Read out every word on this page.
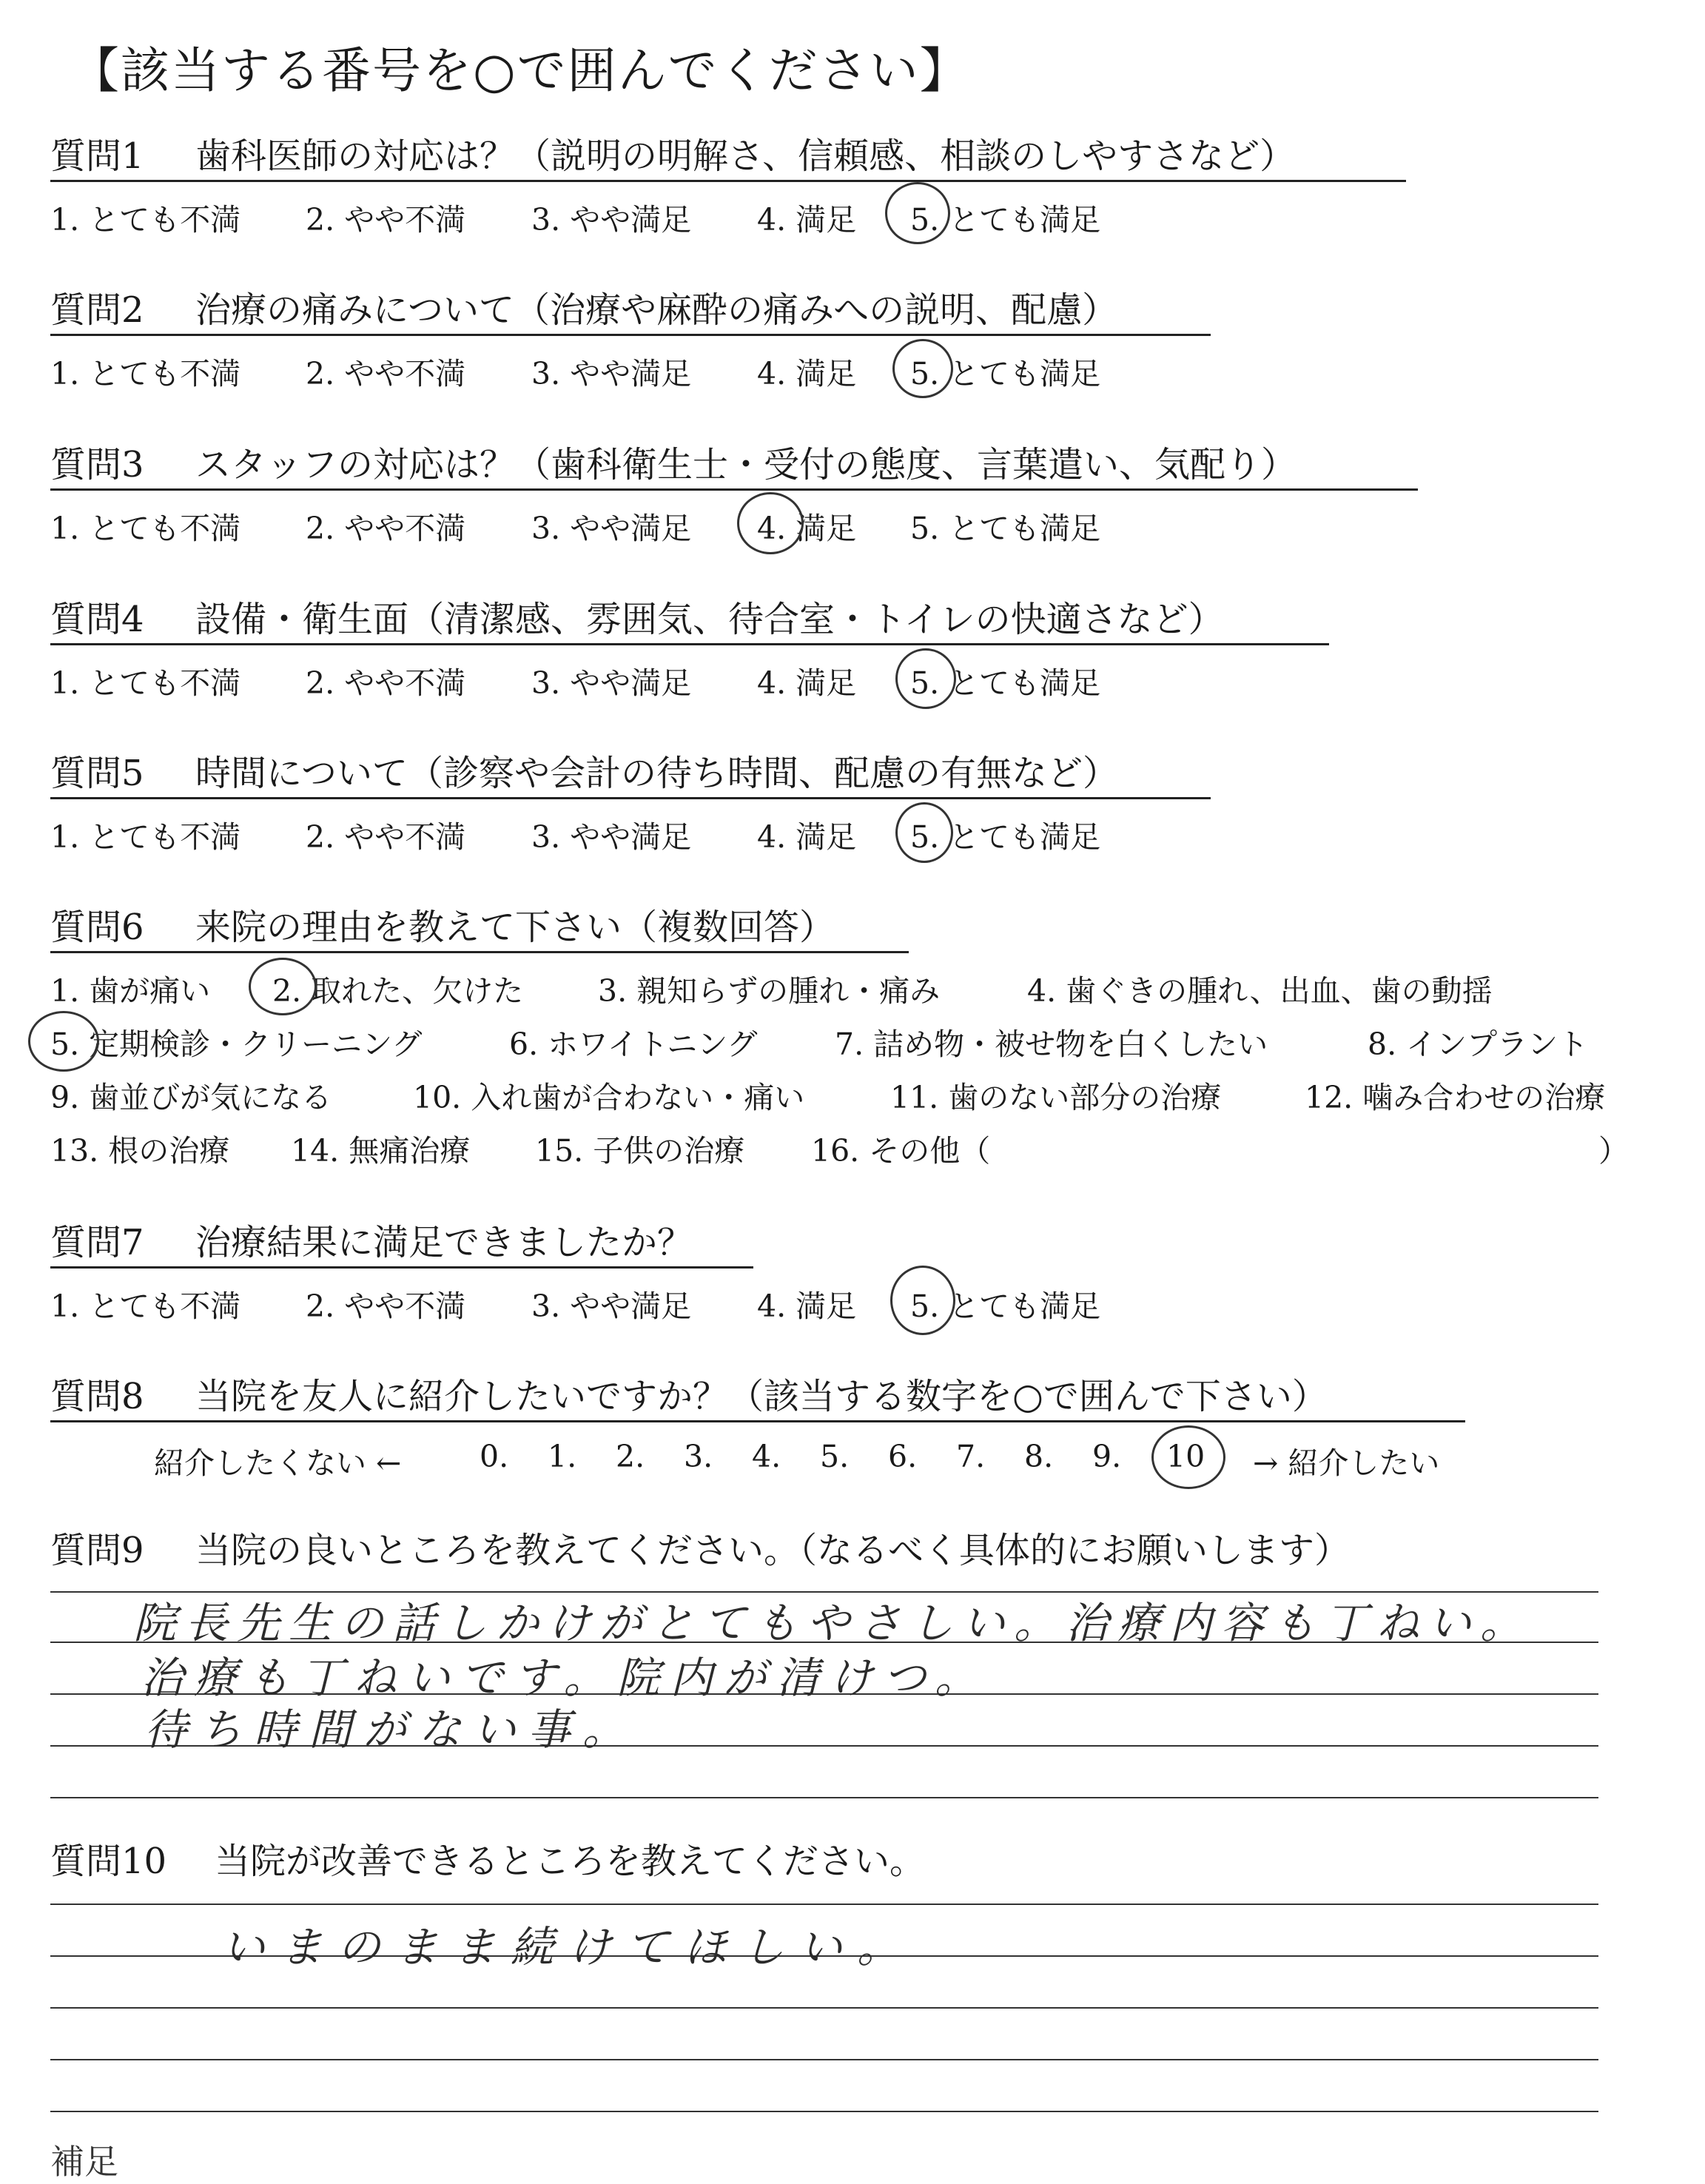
【該当する番号を○で囲んでください】
質問1 歯科医師の対応は？（説明の明解さ、信頼感、相談のしやすさなど）
1. とても不満 2. やや不満 3. やや満足 4. 満足 5. とても満足
質問2 治療の痛みについて（治療や麻酔の痛みへの説明、配慮）
1. とても不満 2. やや不満 3. やや満足 4. 満足 5. とても満足
質問3 スタッフの対応は？（歯科衛生士・受付の態度、言葉遣い、気配り）
1. とても不満 2. やや不満 3. やや満足 4. 満足 5. とても満足
質問4 設備・衛生面（清潔感、雰囲気、待合室・トイレの快適さなど）
1. とても不満 2. やや不満 3. やや満足 4. 満足 5. とても満足
質問5 時間について（診察や会計の待ち時間、配慮の有無など）
1. とても不満 2. やや不満 3. やや満足 4. 満足 5. とても満足
質問6 来院の理由を教えて下さい（複数回答）
1. 歯が痛い 2. 取れた、欠けた 3. 親知らずの腫れ・痛み	4. 歯ぐきの腫れ、出血、歯の動揺
5. 定期検診・クリーニング	6. ホワイトニング	7. 詰め物・被せ物を白くしたい	8. インプラント
9. 歯並びが気になる	10. 入れ歯が合わない・痛い	11. 歯のない部分の治療	12. 噛み合わせの治療
13. 根の治療 14. 無痛治療 15. 子供の治療 16. その他（	）
質問7 治療結果に満足できましたか？
1. とても不満 2. やや不満 3. やや満足 4. 満足 5. とても満足
質問8 当院を友人に紹介したいですか？（該当する数字を○で囲んで下さい）
紹介したくない ←	0. 1. 2. 3. 4. 5. 6. 7. 8. 9. 10 → 紹介したい
質問9 当院の良いところを教えてください。（なるべく具体的にお願いします）
院長先生の話しかけがとてもやさしい。治療内容も丁ねい。
治療も丁ねいです。院内が清けつ。
待ち時間がない事。
質問10 当院が改善できるところを教えてください。
いまのまま続けてほしい。
補足
